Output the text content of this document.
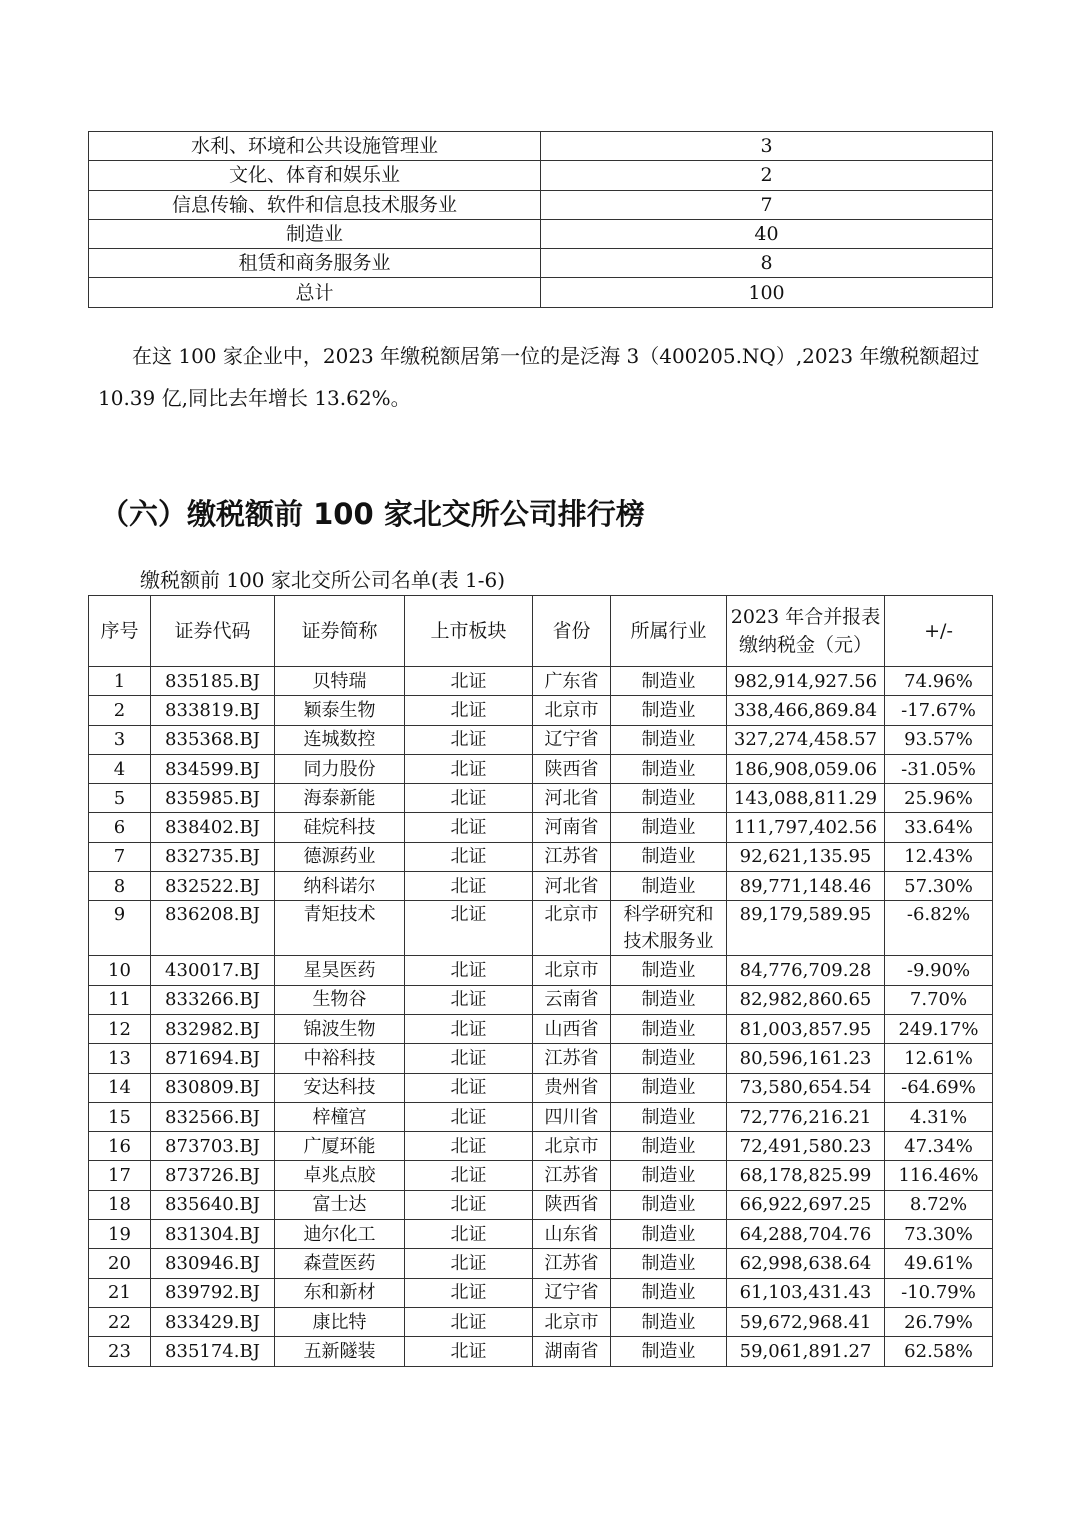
水利、环境和公共设施管理业	3
文化、体育和娱乐业	2
信息传输、软件和信息技术服务业	7
制造业	40
租赁和商务服务业	8
总计	100

在这 100 家企业中，2023 年缴税额居第一位的是泛海 3（400205.NQ）,2023 年缴税额超过

10.39 亿,同比去年增长 13.62%。

（六）缴税额前 100 家北交所公司排行榜

缴税额前 100 家北交所公司名单(表 1-6)

序号	证券代码	证券简称	上市板块	省份	所属行业	2023 年合并报表
缴纳税金（元）	+/-
1	835185.BJ	贝特瑞	北证	广东省	制造业	982,914,927.56	74.96%
2	833819.BJ	颖泰生物	北证	北京市	制造业	338,466,869.84	-17.67%
3	835368.BJ	连城数控	北证	辽宁省	制造业	327,274,458.57	93.57%
4	834599.BJ	同力股份	北证	陕西省	制造业	186,908,059.06	-31.05%
5	835985.BJ	海泰新能	北证	河北省	制造业	143,088,811.29	25.96%
6	838402.BJ	硅烷科技	北证	河南省	制造业	111,797,402.56	33.64%
7	832735.BJ	德源药业	北证	江苏省	制造业	92,621,135.95	12.43%
8	832522.BJ	纳科诺尔	北证	河北省	制造业	89,771,148.46	57.30%
9	836208.BJ	青矩技术	北证	北京市	科学研究和
技术服务业	89,179,589.95	-6.82%
10	430017.BJ	星昊医药	北证	北京市	制造业	84,776,709.28	-9.90%
11	833266.BJ	生物谷	北证	云南省	制造业	82,982,860.65	7.70%
12	832982.BJ	锦波生物	北证	山西省	制造业	81,003,857.95	249.17%
13	871694.BJ	中裕科技	北证	江苏省	制造业	80,596,161.23	12.61%
14	830809.BJ	安达科技	北证	贵州省	制造业	73,580,654.54	-64.69%
15	832566.BJ	梓橦宫	北证	四川省	制造业	72,776,216.21	4.31%
16	873703.BJ	广厦环能	北证	北京市	制造业	72,491,580.23	47.34%
17	873726.BJ	卓兆点胶	北证	江苏省	制造业	68,178,825.99	116.46%
18	835640.BJ	富士达	北证	陕西省	制造业	66,922,697.25	8.72%
19	831304.BJ	迪尔化工	北证	山东省	制造业	64,288,704.76	73.30%
20	830946.BJ	森萱医药	北证	江苏省	制造业	62,998,638.64	49.61%
21	839792.BJ	东和新材	北证	辽宁省	制造业	61,103,431.43	-10.79%
22	833429.BJ	康比特	北证	北京市	制造业	59,672,968.41	26.79%
23	835174.BJ	五新隧装	北证	湖南省	制造业	59,061,891.27	62.58%
